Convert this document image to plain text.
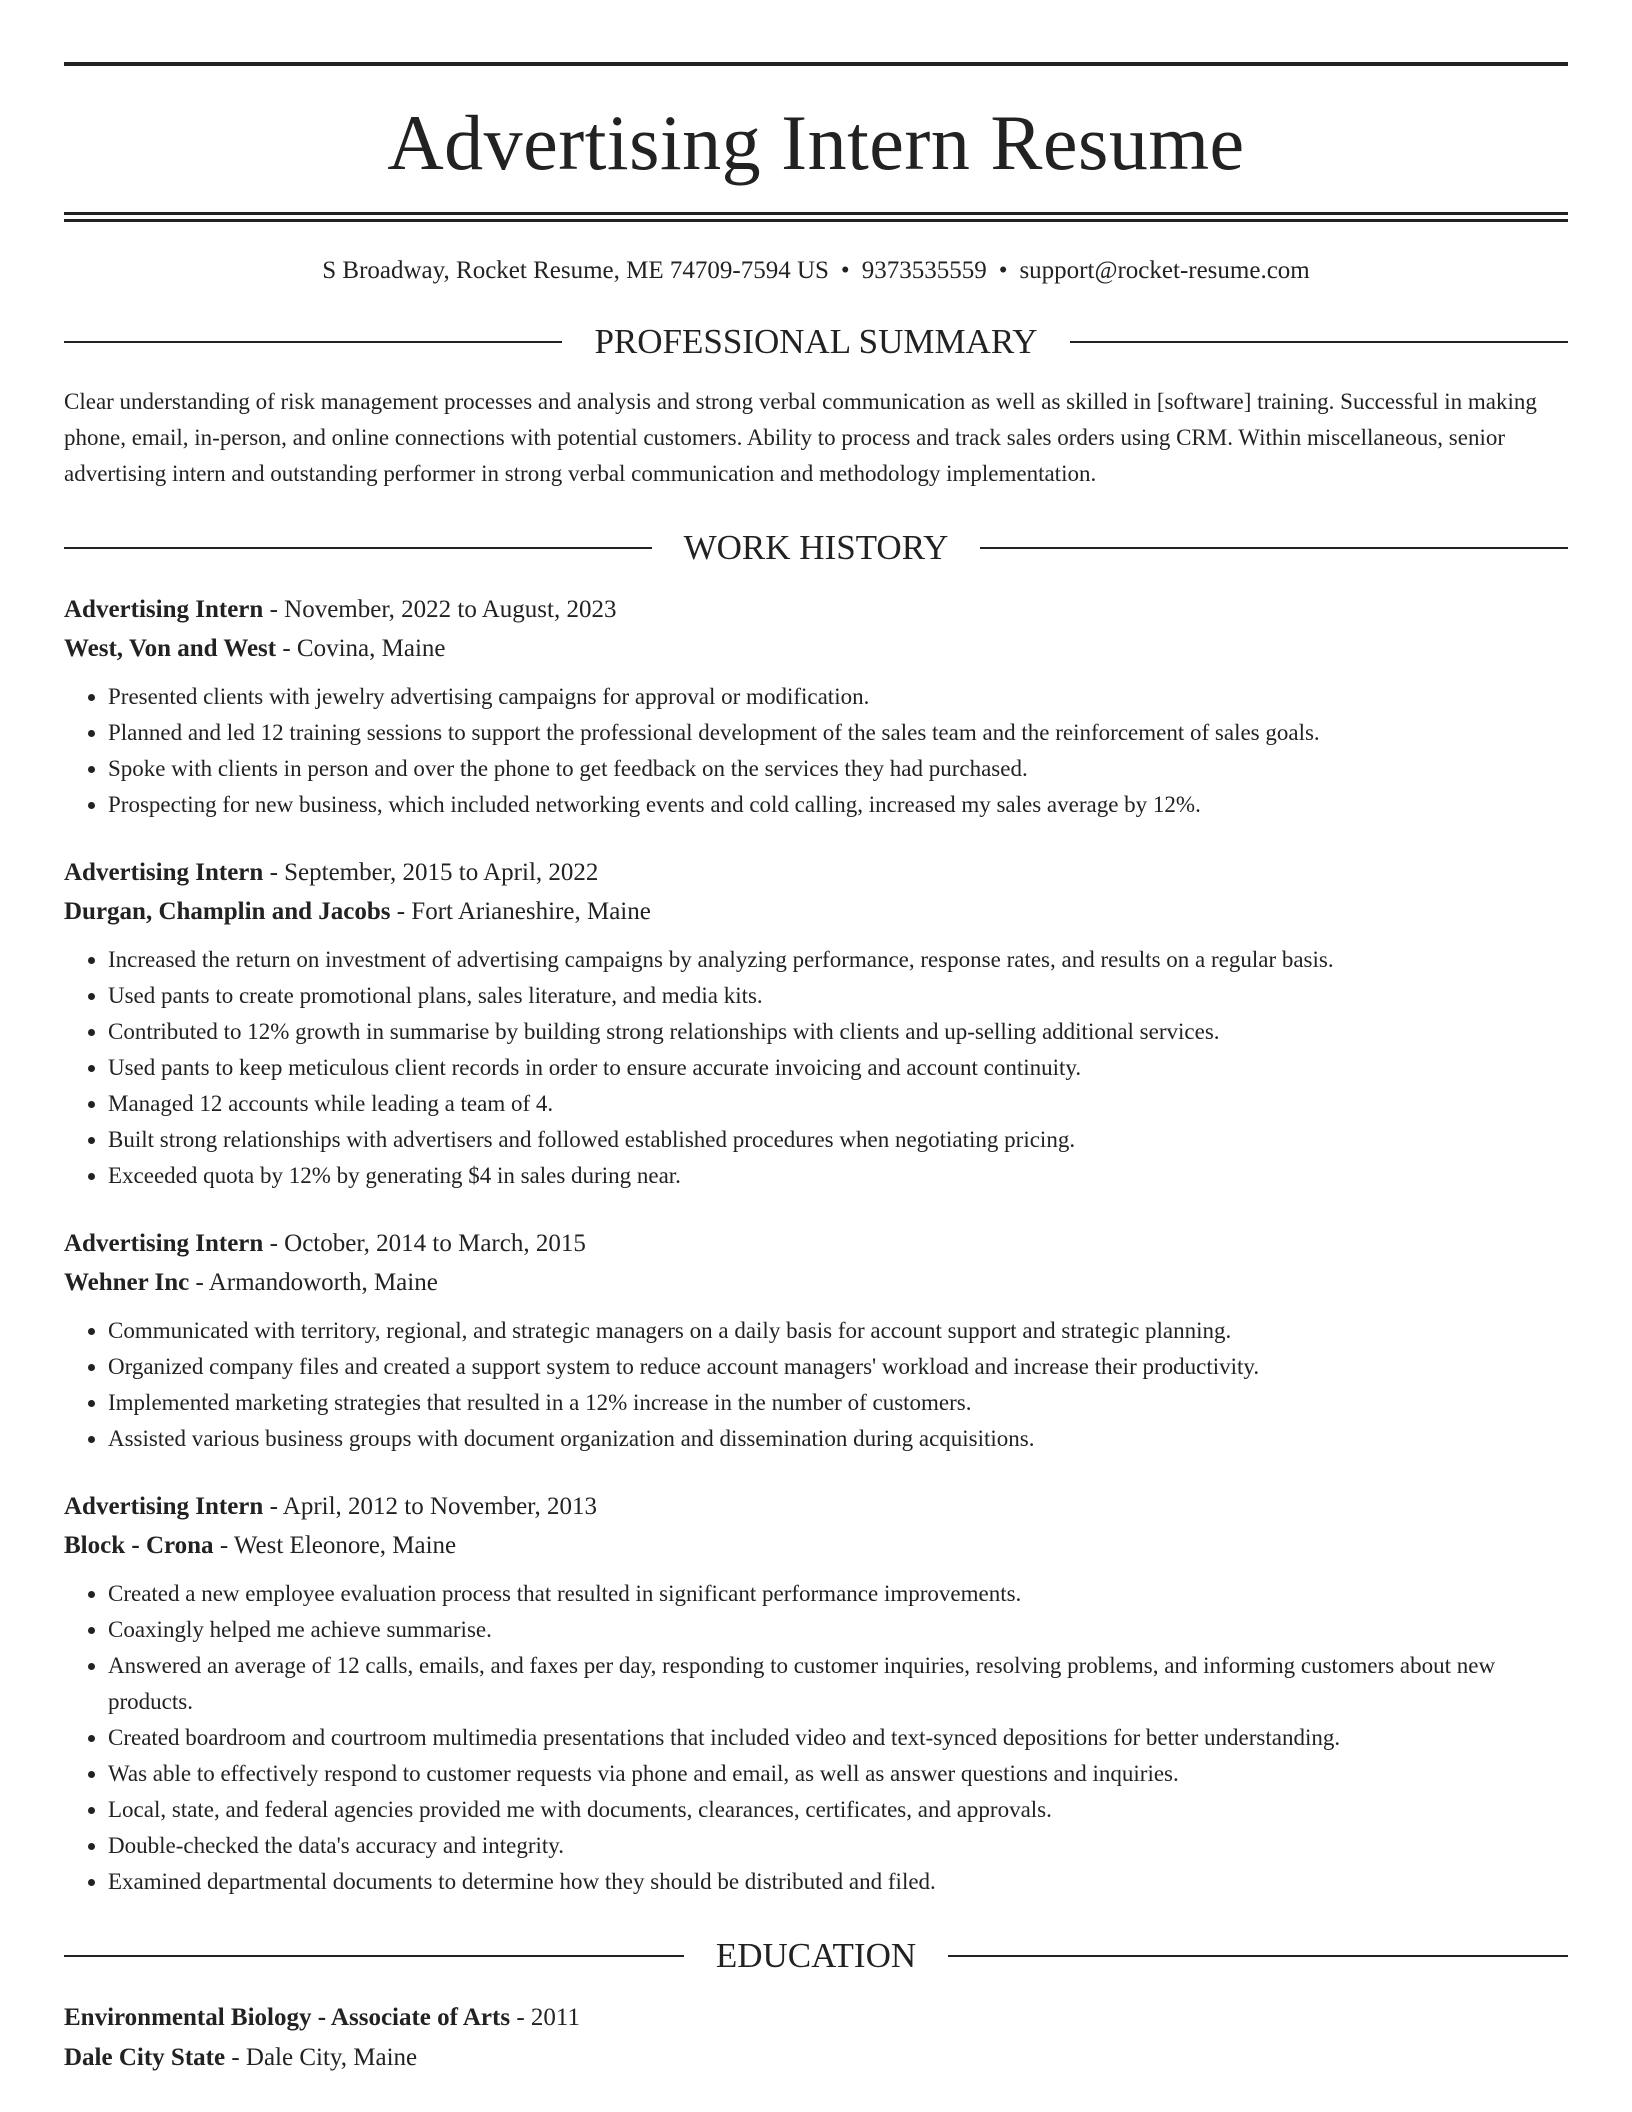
Advertising Intern Resume
S Broadway, Rocket Resume, ME 74709-7594 US • 9373535559 • support@rocket-resume.com
PROFESSIONAL SUMMARY

Clear understanding of risk management processes and analysis and strong verbal communication as well as skilled in [software] training. Successful in making phone, email, in-person, and online connections with potential customers. Ability to process and track sales orders using CRM. Within miscellaneous, senior advertising intern and outstanding performer in strong verbal communication and methodology implementation.

WORK HISTORY
Advertising Intern - November, 2022 to August, 2023
West, Von and West - Covina, Maine
• Presented clients with jewelry advertising campaigns for approval or modification.
• Planned and led 12 training sessions to support the professional development of the sales team and the reinforcement of sales goals.
• Spoke with clients in person and over the phone to get feedback on the services they had purchased.
• Prospecting for new business, which included networking events and cold calling, increased my sales average by 12%.
Advertising Intern - September, 2015 to April, 2022
Durgan, Champlin and Jacobs - Fort Arianeshire, Maine
• Increased the return on investment of advertising campaigns by analyzing performance, response rates, and results on a regular basis.
• Used pants to create promotional plans, sales literature, and media kits.
• Contributed to 12% growth in summarise by building strong relationships with clients and up-selling additional services.
• Used pants to keep meticulous client records in order to ensure accurate invoicing and account continuity.
• Managed 12 accounts while leading a team of 4.
• Built strong relationships with advertisers and followed established procedures when negotiating pricing.
• Exceeded quota by 12% by generating $4 in sales during near.
Advertising Intern - October, 2014 to March, 2015
Wehner Inc - Armandoworth, Maine
• Communicated with territory, regional, and strategic managers on a daily basis for account support and strategic planning.
• Organized company files and created a support system to reduce account managers' workload and increase their productivity.
• Implemented marketing strategies that resulted in a 12% increase in the number of customers.
• Assisted various business groups with document organization and dissemination during acquisitions.
Advertising Intern - April, 2012 to November, 2013
Block - Crona - West Eleonore, Maine
• Created a new employee evaluation process that resulted in significant performance improvements.
• Coaxingly helped me achieve summarise.
• Answered an average of 12 calls, emails, and faxes per day, responding to customer inquiries, resolving problems, and informing customers about new products.
• Created boardroom and courtroom multimedia presentations that included video and text-synced depositions for better understanding.
• Was able to effectively respond to customer requests via phone and email, as well as answer questions and inquiries.
• Local, state, and federal agencies provided me with documents, clearances, certificates, and approvals.
• Double-checked the data's accuracy and integrity.
• Examined departmental documents to determine how they should be distributed and filed.
EDUCATION
Environmental Biology - Associate of Arts - 2011
Dale City State - Dale City, Maine
